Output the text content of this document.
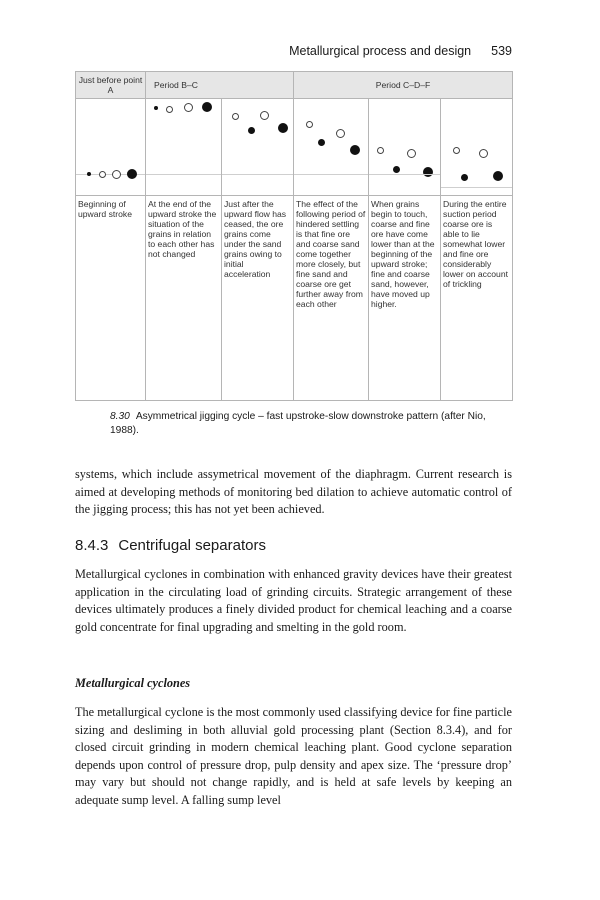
Metallurgical process and design 539
Just before point A	Period B–C		Period C–D–F		

Beginning of upward stroke	At the end of the upward stroke the situation of the grains in relation to each other has not changed	Just after the upward flow has ceased, the ore grains come under the sand grains owing to initial acceleration	The effect of the following period of hindered settling is that fine ore and coarse sand come together more closely, but fine sand and coarse ore get further away from each other	When grains begin to touch, coarse and fine ore have come lower than at the beginning of the upward stroke; fine and coarse sand, however, have moved up higher.	During the entire suction period coarse ore is able to lie somewhat lower and fine ore considerably lower on account of trickling
8.30 Asymmetrical jigging cycle – fast upstroke-slow downstroke pattern (after Nio, 1988).

systems, which include assymetrical movement of the diaphragm. Current research is aimed at developing methods of monitoring bed dilation to achieve automatic control of the jigging process; this has not yet been achieved.

8.4.3 Centrifugal separators

Metallurgical cyclones in combination with enhanced gravity devices have their greatest application in the circulating load of grinding circuits. Strategic arrangement of these devices ultimately produces a finely divided product for chemical leaching and a coarse gold concentrate for final upgrading and smelting in the gold room.

Metallurgical cyclones

The metallurgical cyclone is the most commonly used classifying device for fine particle sizing and desliming in both alluvial gold processing plant (Section 8.3.4), and for closed circuit grinding in modern chemical leaching plant. Good cyclone separation depends upon control of pressure drop, pulp density and apex size. The ‘pressure drop’ may vary but should not change rapidly, and is held at safe levels by keeping an adequate sump level. A falling sump level
